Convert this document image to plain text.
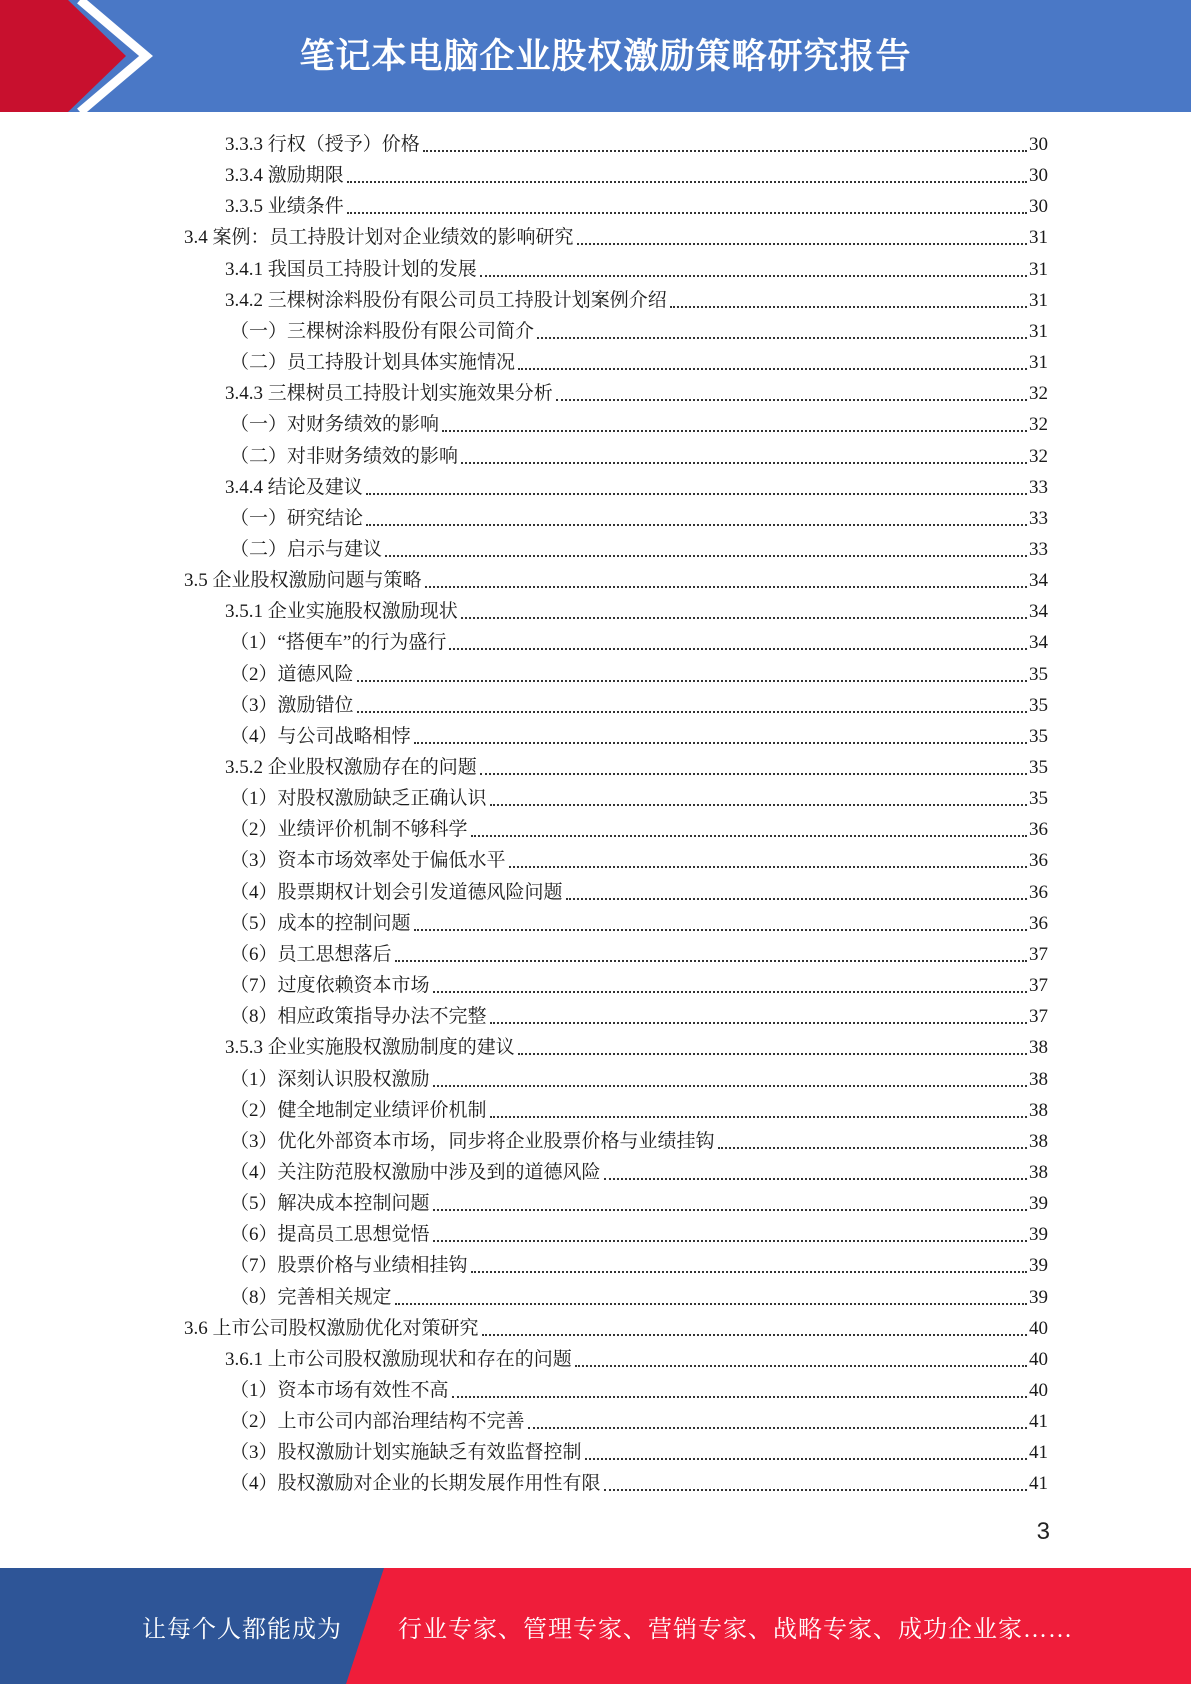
笔记本电脑企业股权激励策略研究报告
3.3.3 行权（授予）价格	30
3.3.4 激励期限	30
3.3.5 业绩条件	30
3.4 案例：员工持股计划对企业绩效的影响研究	31
3.4.1 我国员工持股计划的发展	31
3.4.2 三棵树涂料股份有限公司员工持股计划案例介绍	31
（一）三棵树涂料股份有限公司简介	31
（二）员工持股计划具体实施情况	31
3.4.3 三棵树员工持股计划实施效果分析	32
（一）对财务绩效的影响	32
（二）对非财务绩效的影响	32
3.4.4 结论及建议	33
（一）研究结论	33
（二）启示与建议	33
3.5 企业股权激励问题与策略	34
3.5.1 企业实施股权激励现状	34
（1）“搭便车”的行为盛行	34
（2）道德风险	35
（3）激励错位	35
（4）与公司战略相悖	35
3.5.2 企业股权激励存在的问题	35
（1）对股权激励缺乏正确认识	35
（2）业绩评价机制不够科学	36
（3）资本市场效率处于偏低水平	36
（4）股票期权计划会引发道德风险问题	36
（5）成本的控制问题	36
（6）员工思想落后	37
（7）过度依赖资本市场	37
（8）相应政策指导办法不完整	37
3.5.3 企业实施股权激励制度的建议	38
（1）深刻认识股权激励	38
（2）健全地制定业绩评价机制	38
（3）优化外部资本市场，同步将企业股票价格与业绩挂钩	38
（4）关注防范股权激励中涉及到的道德风险	38
（5）解决成本控制问题	39
（6）提高员工思想觉悟	39
（7）股票价格与业绩相挂钩	39
（8）完善相关规定	39
3.6 上市公司股权激励优化对策研究	40
3.6.1 上市公司股权激励现状和存在的问题	40
（1）资本市场有效性不高	40
（2）上市公司内部治理结构不完善	41
（3）股权激励计划实施缺乏有效监督控制	41
（4）股权激励对企业的长期发展作用性有限	41
3
让每个人都能成为 行业专家、管理专家、营销专家、战略专家、成功企业家……
